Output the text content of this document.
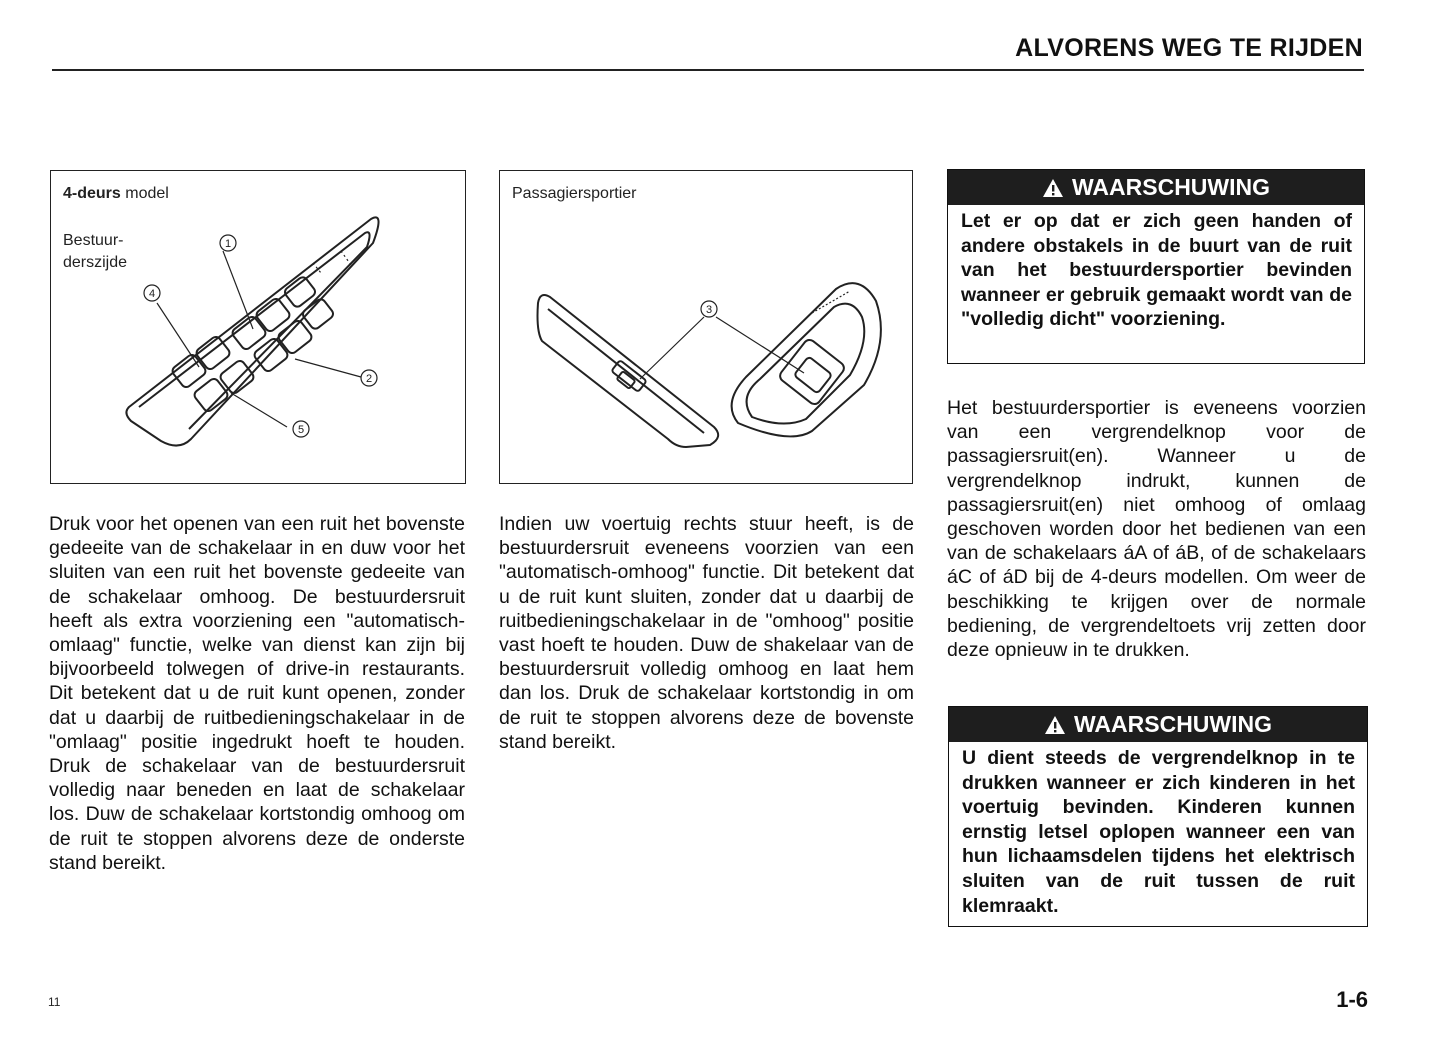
ALVORENS WEG TE RIJDEN
1
2
4
5
4-deurs model
Bestuur-derszijde
3
Passagiersportier	WAARSCHUWING

Let er op dat er zich geen handen of andere obstakels in de buurt van de ruit van het bestuurdersportier bevinden wanneer er gebruik gemaakt wordt van de "volledig dicht" voorziening.

Druk voor het openen van een ruit het bovenste gedeeite van de schakelaar in en duw voor het sluiten van een ruit het bovenste gedeeite van de schakelaar omhoog. De bestuurdersruit heeft als extra voorziening een "automatisch-omlaag" functie, welke van dienst kan zijn bij bijvoorbeeld tolwegen of drive-in restaurants. Dit betekent dat u de ruit kunt openen, zonder dat u daarbij de ruitbedieningschakelaar in de "omlaag" positie ingedrukt hoeft te houden. Druk de schakelaar van de bestuurdersruit volledig naar beneden en laat de schakelaar los. Duw de schakelaar kortstondig omhoog om de ruit te stoppen alvorens deze de onderste stand bereikt.

Indien uw voertuig rechts stuur heeft, is de bestuurdersruit eveneens voorzien van een "automatisch-omhoog" functie. Dit betekent dat u de ruit kunt sluiten, zonder dat u daarbij de ruitbedieningschakelaar in de "omhoog" positie vast hoeft te houden. Duw de shakelaar van de bestuurdersruit volledig omhoog en laat hem dan los. Druk de schakelaar kortstondig in om de ruit te stoppen alvorens deze de bovenste stand bereikt.

Het bestuurdersportier is eveneens voorzien van een vergrendelknop voor de passagiersruit(en). Wanneer u de vergrendelknop indrukt, kunnen de passagiersruit(en) niet omhoog of omlaag geschoven worden door het bedienen van een van de schakelaars áA of áB, of de schakelaars áC of áD bij de 4-deurs modellen. Om weer de beschikking te krijgen over de normale bediening, de vergrendeltoets vrij zetten door deze opnieuw in te drukken.

WAARSCHUWING

U dient steeds de vergrendelknop in te drukken wanneer er zich kinderen in het voertuig bevinden. Kinderen kunnen ernstig letsel oplopen wanneer een van hun lichaamsdelen tijdens het elektrisch sluiten van de ruit tussen de ruit klemraakt.

11	1-6
